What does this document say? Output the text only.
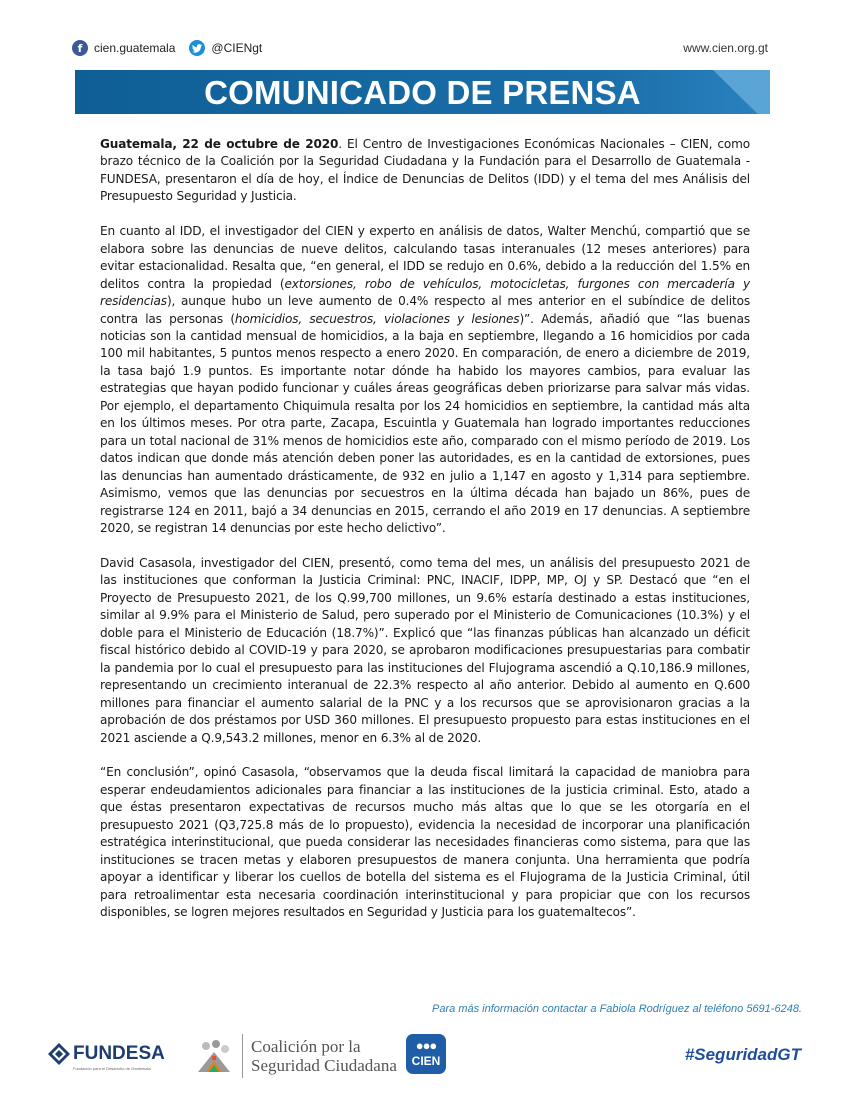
f cien.guatemala	@CIENgt	www.cien.org.gt
COMUNICADO DE PRENSA

Guatemala, 22 de octubre de 2020. El Centro de Investigaciones Económicas Nacionales – CIEN, como brazo técnico de la Coalición por la Seguridad Ciudadana y la Fundación para el Desarrollo de Guatemala - FUNDESA, presentaron el día de hoy, el Índice de Denuncias de Delitos (IDD) y el tema del mes Análisis del Presupuesto Seguridad y Justicia.

En cuanto al IDD, el investigador del CIEN y experto en análisis de datos, Walter Menchú, compartió que se elabora sobre las denuncias de nueve delitos, calculando tasas interanuales (12 meses anteriores) para evitar estacionalidad. Resalta que, “en general, el IDD se redujo en 0.6%, debido a la reducción del 1.5% en delitos contra la propiedad (extorsiones, robo de vehículos, motocicletas, furgones con mercadería y residencias), aunque hubo un leve aumento de 0.4% respecto al mes anterior en el subíndice de delitos contra las personas (homicidios, secuestros, violaciones y lesiones)”. Además, añadió que “las buenas noticias son la cantidad mensual de homicidios, a la baja en septiembre, llegando a 16 homicidios por cada 100 mil habitantes, 5 puntos menos respecto a enero 2020. En comparación, de enero a diciembre de 2019, la tasa bajó 1.9 puntos. Es importante notar dónde ha habido los mayores cambios, para evaluar las estrategias que hayan podido funcionar y cuáles áreas geográficas deben priorizarse para salvar más vidas. Por ejemplo, el departamento Chiquimula resalta por los 24 homicidios en septiembre, la cantidad más alta en los últimos meses. Por otra parte, Zacapa, Escuintla y Guatemala han logrado importantes reducciones para un total nacional de 31% menos de homicidios este año, comparado con el mismo período de 2019. Los datos indican que donde más atención deben poner las autoridades, es en la cantidad de extorsiones, pues las denuncias han aumentado drásticamente, de 932 en julio a 1,147 en agosto y 1,314 para septiembre. Asimismo, vemos que las denuncias por secuestros en la última década han bajado un 86%, pues de registrarse 124 en 2011, bajó a 34 denuncias en 2015, cerrando el año 2019 en 17 denuncias. A septiembre 2020, se registran 14 denuncias por este hecho delictivo”.

David Casasola, investigador del CIEN, presentó, como tema del mes, un análisis del presupuesto 2021 de las instituciones que conforman la Justicia Criminal: PNC, INACIF, IDPP, MP, OJ y SP. Destacó que “en el Proyecto de Presupuesto 2021, de los Q.99,700 millones, un 9.6% estaría destinado a estas instituciones, similar al 9.9% para el Ministerio de Salud, pero superado por el Ministerio de Comunicaciones (10.3%) y el doble para el Ministerio de Educación (18.7%)”. Explicó que “las finanzas públicas han alcanzado un déficit fiscal histórico debido al COVID-19 y para 2020, se aprobaron modificaciones presupuestarias para combatir la pandemia por lo cual el presupuesto para las instituciones del Flujograma ascendió a Q.10,186.9 millones, representando un crecimiento interanual de 22.3% respecto al año anterior. Debido al aumento en Q.600 millones para financiar el aumento salarial de la PNC y a los recursos que se aprovisionaron gracias a la aprobación de dos préstamos por USD 360 millones. El presupuesto propuesto para estas instituciones en el 2021 asciende a Q.9,543.2 millones, menor en 6.3% al de 2020.

“En conclusión”, opinó Casasola, “observamos que la deuda fiscal limitará la capacidad de maniobra para esperar endeudamientos adicionales para financiar a las instituciones de la justicia criminal. Esto, atado a que éstas presentaron expectativas de recursos mucho más altas que lo que se les otorgaría en el presupuesto 2021 (Q3,725.8 más de lo propuesto), evidencia la necesidad de incorporar una planificación estratégica interinstitucional, que pueda considerar las necesidades financieras como sistema, para que las instituciones se tracen metas y elaboren presupuestos de manera conjunta. Una herramienta que podría apoyar a identificar y liberar los cuellos de botella del sistema es el Flujograma de la Justicia Criminal, útil para retroalimentar esta necesaria coordinación interinstitucional y para propiciar que con los recursos disponibles, se logren mejores resultados en Seguridad y Justicia para los guatemaltecos”.

Para más información contactar a Fabiola Rodríguez al teléfono 5691-6248.
FUNDESA
Fundación para el Desarrollo de Guatemala
Coalición por la
Seguridad Ciudadana
●●●
CIEN	#SeguridadGT
